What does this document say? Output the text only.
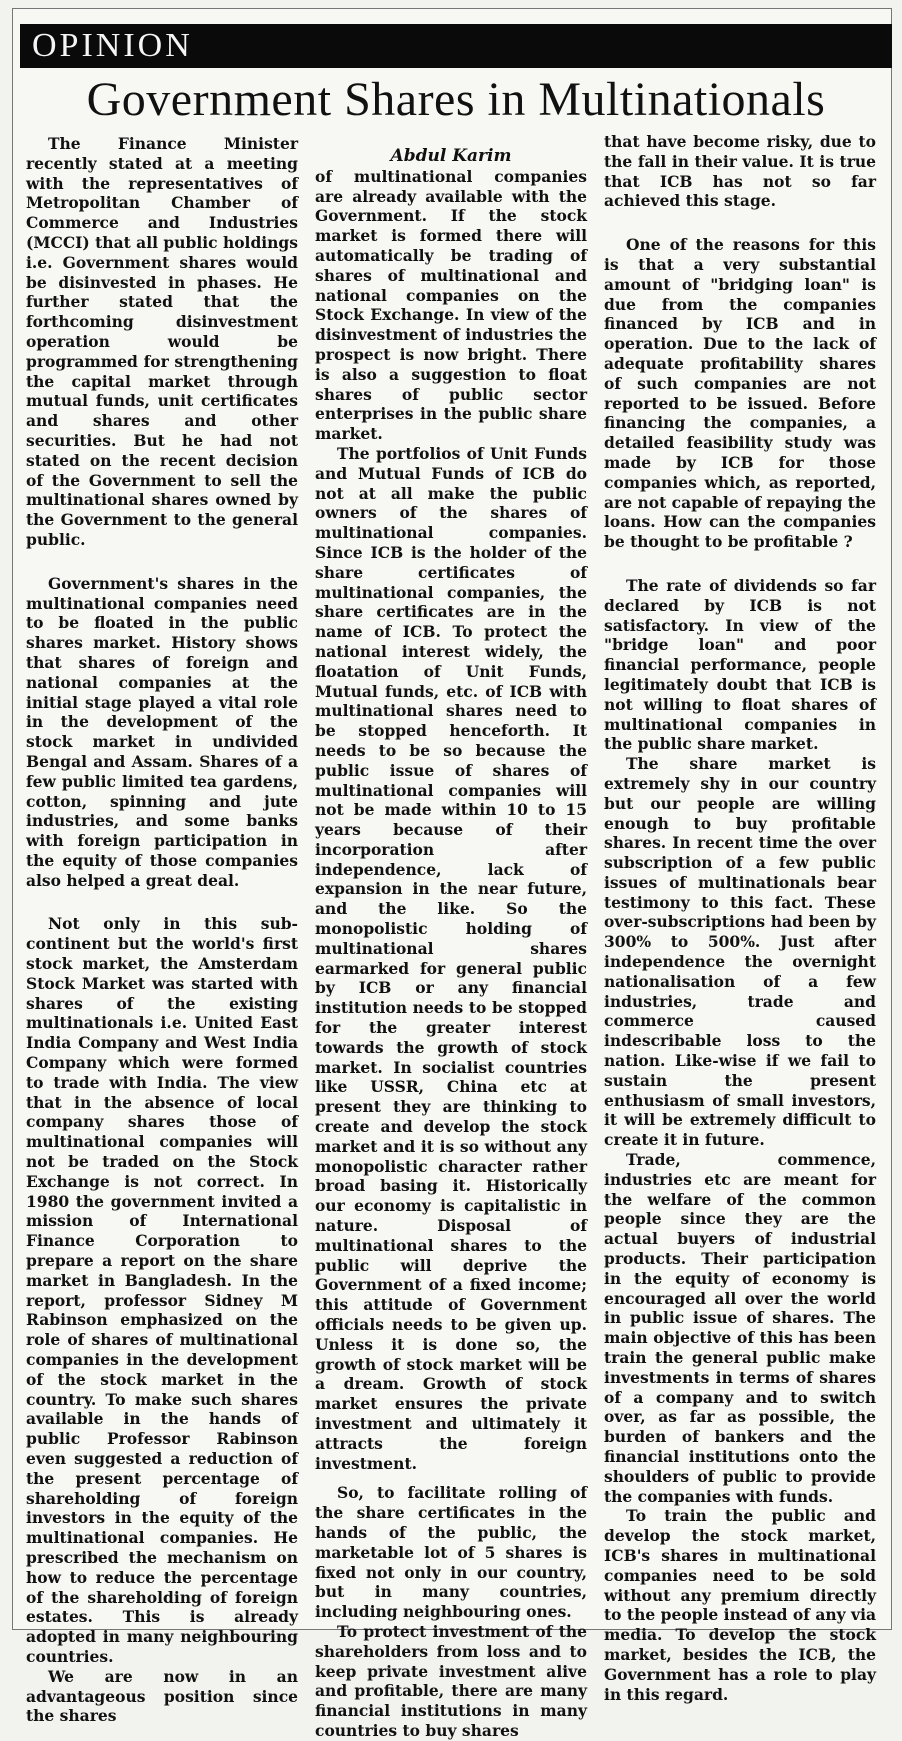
OPINION
Government Shares in Multinationals

The Finance Minister recently stated at a meeting with the representatives of Metropolitan Chamber of Commerce and Industries (MCCI) that all public holdings i.e. Government shares would be disinvested in phases. He further stated that the forthcoming disinvestment operation would be programmed for strengthening the capital market through mutual funds, unit certificates and shares and other securities. But he had not stated on the recent decision of the Government to sell the multinational shares owned by the Government to the general public.

Government's shares in the multinational companies need to be floated in the public shares market. History shows that shares of foreign and national companies at the initial stage played a vital role in the development of the stock market in undivided Bengal and Assam. Shares of a few public limited tea gardens, cotton, spinning and jute industries, and some banks with foreign participation in the equity of those companies also helped a great deal.

Not only in this sub-continent but the world's first stock market, the Amsterdam Stock Market was started with shares of the existing multinationals i.e. United East India Company and West India Company which were formed to trade with India. The view that in the absence of local company shares those of multinational companies will not be traded on the Stock Exchange is not correct. In 1980 the government invited a mission of International Finance Corporation to prepare a report on the share market in Bangladesh. In the report, professor Sidney M Rabinson emphasized on the role of shares of multinational companies in the development of the stock market in the country. To make such shares available in the hands of public Professor Rabinson even suggested a reduction of the present percentage of shareholding of foreign investors in the equity of the multinational companies. He prescribed the mechanism on how to reduce the percentage of the shareholding of foreign estates. This is already adopted in many neighbouring countries.

We are now in an advantageous position since the shares

Abdul Karim

of multinational companies are already available with the Government. If the stock market is formed there will automatically be trading of shares of multinational and national companies on the Stock Exchange. In view of the disinvestment of industries the prospect is now bright. There is also a suggestion to float shares of public sector enterprises in the public share market.

The portfolios of Unit Funds and Mutual Funds of ICB do not at all make the public owners of the shares of multinational companies. Since ICB is the holder of the share certificates of multinational companies, the share certificates are in the name of ICB. To protect the national interest widely, the floatation of Unit Funds, Mutual funds, etc. of ICB with multinational shares need to be stopped henceforth. It needs to be so because the public issue of shares of multinational companies will not be made within 10 to 15 years because of their incorporation after independence, lack of expansion in the near future, and the like. So the monopolistic holding of multinational shares earmarked for general public by ICB or any financial institution needs to be stopped for the greater interest towards the growth of stock market. In socialist countries like USSR, China etc at present they are thinking to create and develop the stock market and it is so without any monopolistic character rather broad basing it. Historically our economy is capitalistic in nature. Disposal of multinational shares to the public will deprive the Government of a fixed income; this attitude of Government officials needs to be given up. Unless it is done so, the growth of stock market will be a dream. Growth of stock market ensures the private investment and ultimately it attracts the foreign investment.

So, to facilitate rolling of the share certificates in the hands of the public, the marketable lot of 5 shares is fixed not only in our country, but in many countries, including neighbouring ones.

To protect investment of the shareholders from loss and to keep private investment alive and profitable, there are many financial institutions in many countries to buy shares

that have become risky, due to the fall in their value. It is true that ICB has not so far achieved this stage.

One of the reasons for this is that a very substantial amount of "bridging loan" is due from the companies financed by ICB and in operation. Due to the lack of adequate profitability shares of such companies are not reported to be issued. Before financing the companies, a detailed feasibility study was made by ICB for those companies which, as reported, are not capable of repaying the loans. How can the companies be thought to be profitable ?

The rate of dividends so far declared by ICB is not satisfactory. In view of the "bridge loan" and poor financial performance, people legitimately doubt that ICB is not willing to float shares of multinational companies in the public share market.

The share market is extremely shy in our country but our people are willing enough to buy profitable shares. In recent time the over subscription of a few public issues of multinationals bear testimony to this fact. These over-subscriptions had been by 300% to 500%. Just after independence the overnight nationalisation of a few industries, trade and commerce caused indescribable loss to the nation. Like-wise if we fail to sustain the present enthusiasm of small investors, it will be extremely difficult to create it in future.

Trade, commence, industries etc are meant for the welfare of the common people since they are the actual buyers of industrial products. Their participation in the equity of economy is encouraged all over the world in public issue of shares. The main objective of this has been train the general public make investments in terms of shares of a company and to switch over, as far as possible, the burden of bankers and the financial institutions onto the shoulders of public to provide the companies with funds.

To train the public and develop the stock market, ICB's shares in multinational companies need to be sold without any premium directly to the people instead of any via media. To develop the stock market, besides the ICB, the Government has a role to play in this regard.
